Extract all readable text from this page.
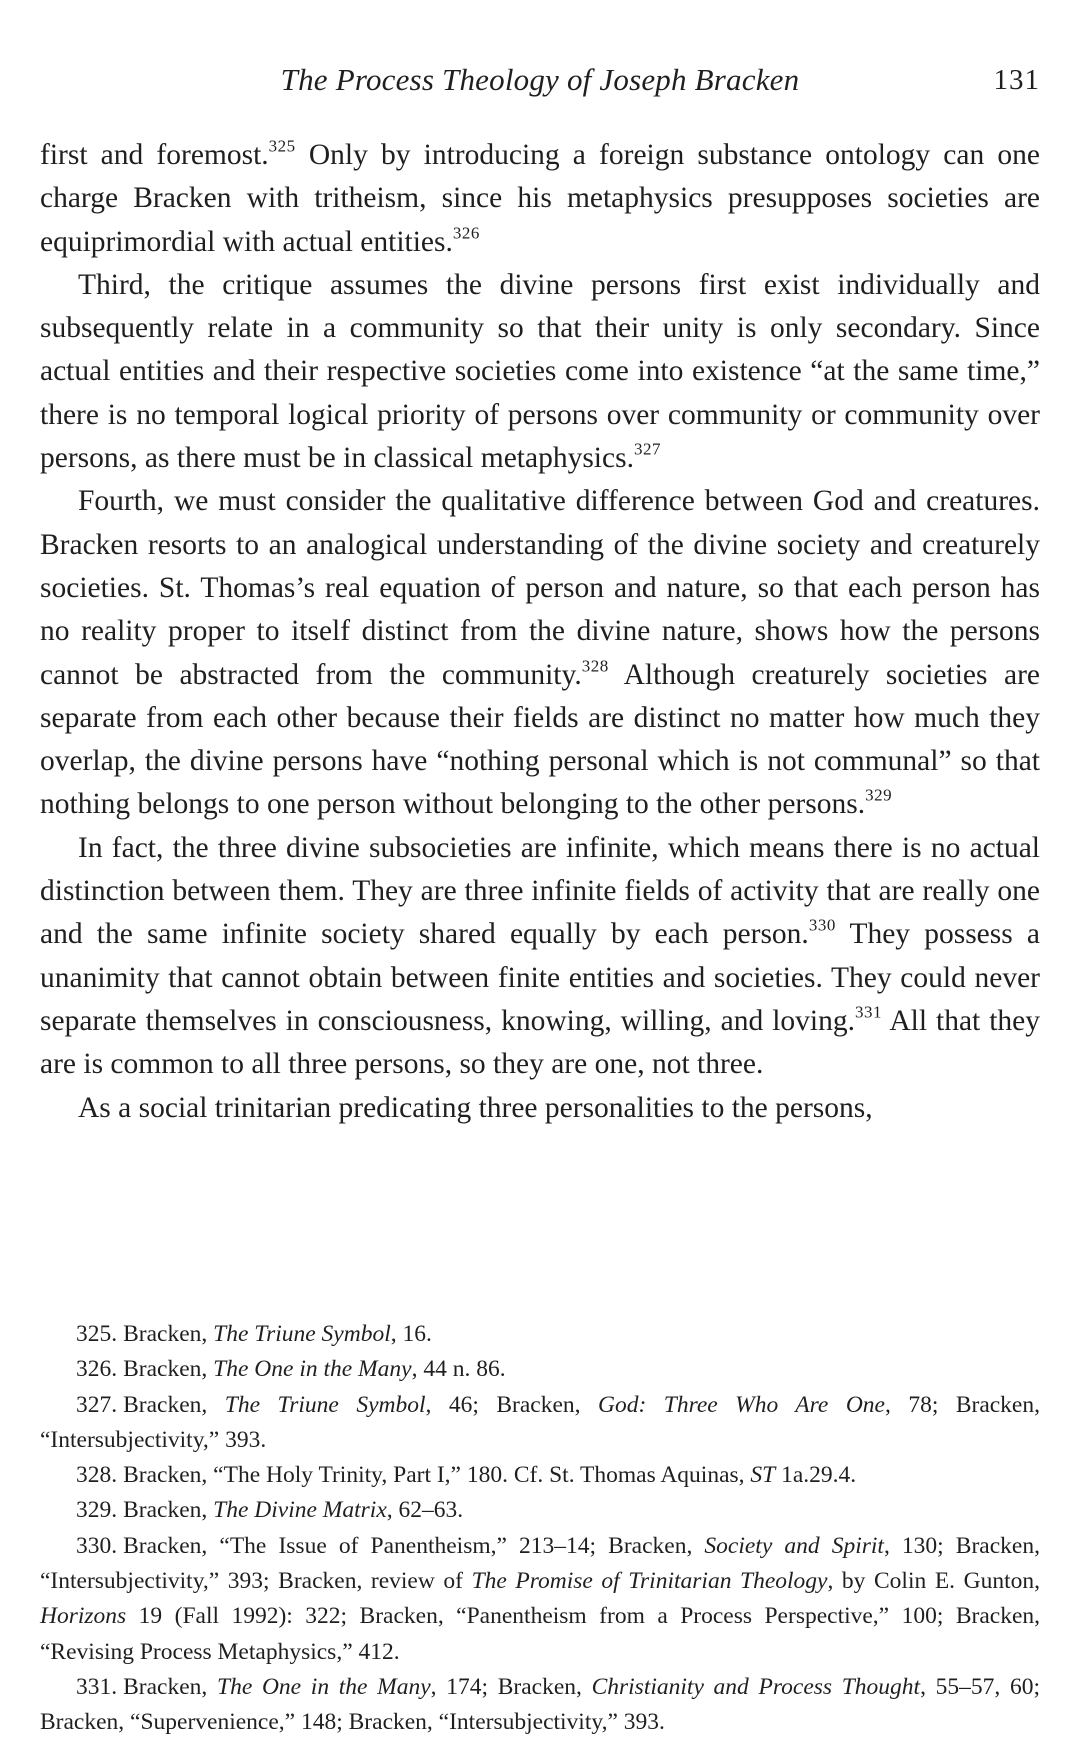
The Process Theology of Joseph Bracken	131

first and foremost.$^{325}$ Only by introducing a foreign substance ontology can one charge Bracken with tritheism, since his metaphysics presupposes societies are equiprimordial with actual entities.$^{326}$

Third, the critique assumes the divine persons first exist individually and subsequently relate in a community so that their unity is only secondary. Since actual entities and their respective societies come into existence “at the same time,” there is no temporal logical priority of persons over community or community over persons, as there must be in classical metaphysics.$^{327}$

Fourth, we must consider the qualitative difference between God and creatures. Bracken resorts to an analogical understanding of the divine society and creaturely societies. St. Thomas’s real equation of person and nature, so that each person has no reality proper to itself distinct from the divine nature, shows how the persons cannot be abstracted from the community.$^{328}$ Although creaturely societies are separate from each other because their fields are distinct no matter how much they overlap, the divine persons have “nothing personal which is not communal” so that nothing belongs to one person without belonging to the other persons.$^{329}$

In fact, the three divine subsocieties are infinite, which means there is no actual distinction between them. They are three infinite fields of activity that are really one and the same infinite society shared equally by each person.$^{330}$ They possess a unanimity that cannot obtain between finite entities and societies. They could never separate themselves in consciousness, knowing, willing, and loving.$^{331}$ All that they are is common to all three persons, so they are one, not three.

As a social trinitarian predicating three personalities to the persons,

325. Bracken, The Triune Symbol, 16.

326. Bracken, The One in the Many, 44 n. 86.

327. Bracken, The Triune Symbol, 46; Bracken, God: Three Who Are One, 78; Bracken, “Intersubjectivity,” 393.

328. Bracken, “The Holy Trinity, Part I,” 180. Cf. St. Thomas Aquinas, ST 1a.29.4.

329. Bracken, The Divine Matrix, 62–63.

330. Bracken, “The Issue of Panentheism,” 213–14; Bracken, Society and Spirit, 130; Bracken, “Intersubjectivity,” 393; Bracken, review of The Promise of Trinitarian Theology, by Colin E. Gunton, Horizons 19 (Fall 1992): 322; Bracken, “Panentheism from a Process Perspective,” 100; Bracken, “Revising Process Metaphysics,” 412.

331. Bracken, The One in the Many, 174; Bracken, Christianity and Process Thought, 55–57, 60; Bracken, “Supervenience,” 148; Bracken, “Intersubjectivity,” 393.
